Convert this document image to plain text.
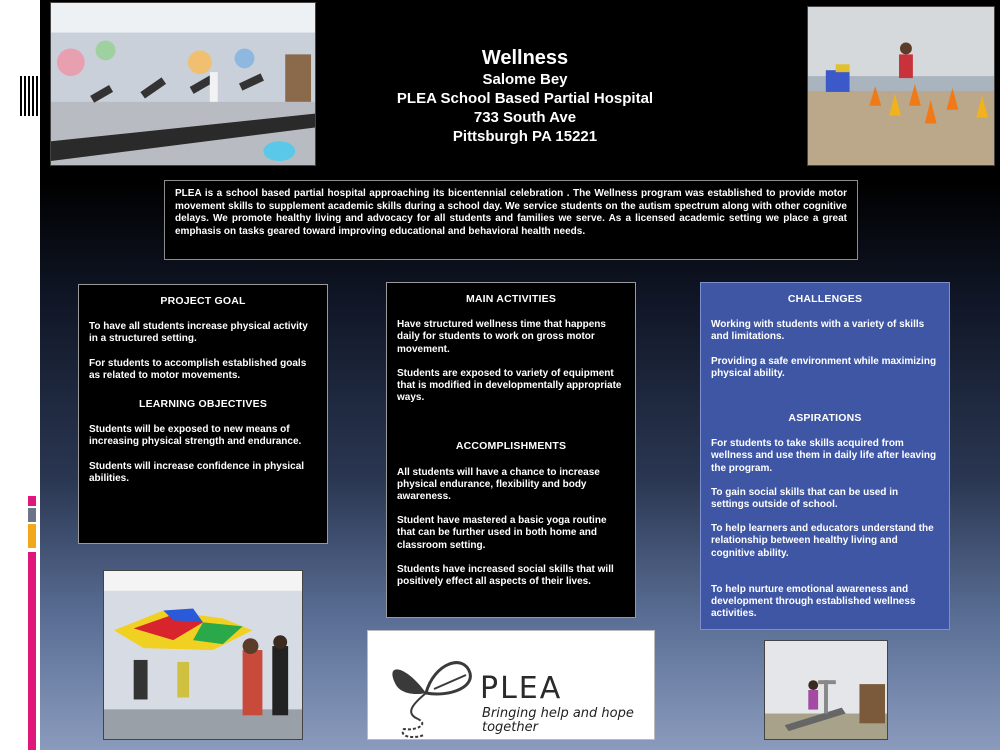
Wellness
Salome Bey
PLEA School Based Partial Hospital
733 South Ave
Pittsburgh PA 15221
PLEA is a school based partial hospital approaching its bicentennial celebration . The Wellness program was established to provide motor movement skills to supplement academic skills during a school day. We service students on the autism spectrum along with other cognitive delays. We promote healthy living and advocacy for all students and families we serve. As a licensed academic setting we place a great emphasis on tasks geared toward improving educational and behavioral health needs.
PROJECT GOAL

To have all students increase physical activity in a structured setting.

For students to accomplish established goals as related to motor movements.

LEARNING OBJECTIVES

Students will be exposed to new means of increasing physical strength and endurance.

Students will increase confidence in physical abilities.

MAIN ACTIVITIES

Have structured wellness time that happens daily for students to work on gross motor movement.

Students are exposed to variety of equipment that is modified in developmentally appropriate ways.

ACCOMPLISHMENTS

All students will have a chance to increase physical endurance, flexibility and body awareness.

Student have mastered a basic yoga routine that can be further used in both home and classroom setting.

Students have increased social skills that will positively effect all aspects of their lives.

CHALLENGES

Working with students with a variety of skills and limitations.

Providing a safe environment while maximizing physical ability.

ASPIRATIONS

For students to take skills acquired from wellness and use them in daily life after leaving the program.

To gain social skills that can be used in settings outside of school.

To help learners and educators understand the relationship between healthy living and cognitive ability.

To help nurture emotional awareness and development through established wellness activities.

PLEA
Bringing help and hope together
